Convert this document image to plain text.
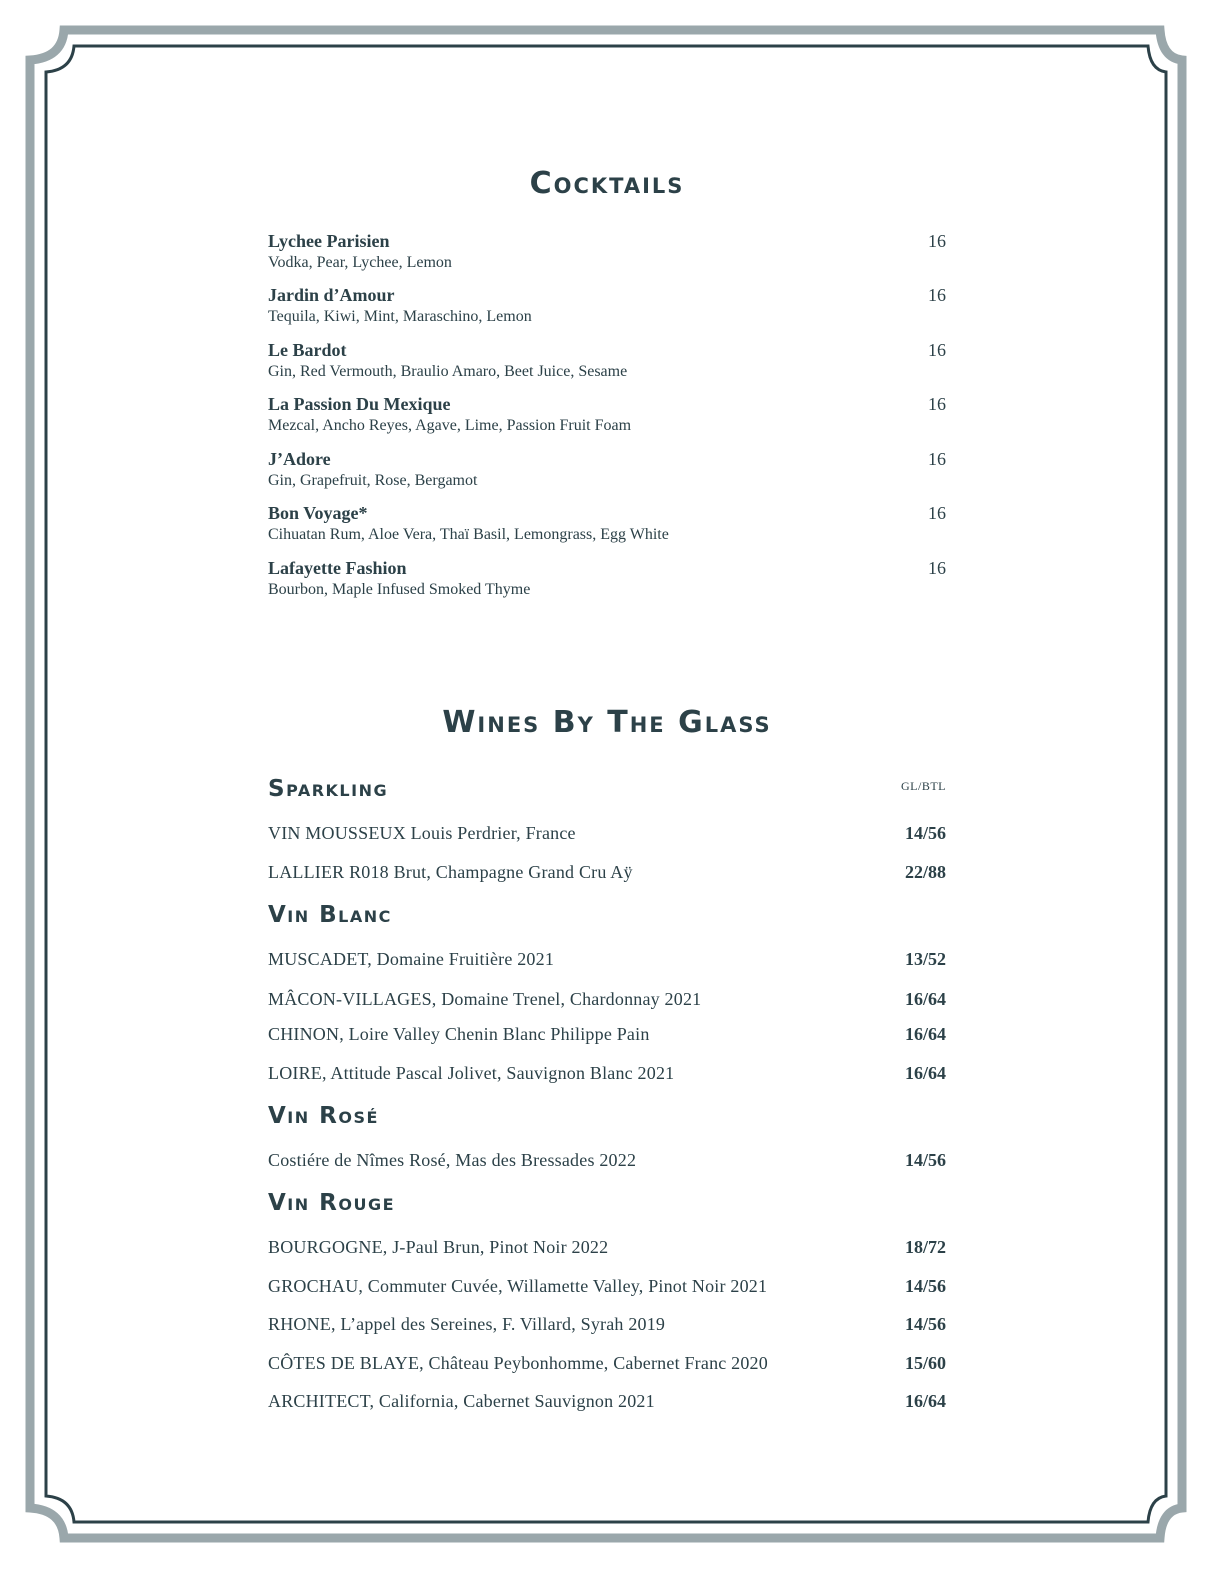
Cocktails
Lychee Parisien
Vodka, Pear, Lychee, Lemon
16
Jardin d’Amour
Tequila, Kiwi, Mint, Maraschino, Lemon
16
Le Bardot
Gin, Red Vermouth, Braulio Amaro, Beet Juice, Sesame
16
La Passion Du Mexique
Mezcal, Ancho Reyes, Agave, Lime, Passion Fruit Foam
16
J’Adore
Gin, Grapefruit, Rose, Bergamot
16
Bon Voyage*
Cihuatan Rum, Aloe Vera, Thaï Basil, Lemongrass, Egg White
16
Lafayette Fashion
Bourbon, Maple Infused Smoked Thyme
16
Wines By The Glass
Sparkling	GL/BTL
VIN MOUSSEUX Louis Perdrier, France	14/56
LALLIER R018 Brut, Champagne Grand Cru Aÿ	22/88
Vin Blanc
MUSCADET, Domaine Fruitière 2021	13/52
MÂCON-VILLAGES, Domaine Trenel, Chardonnay 2021	16/64
CHINON, Loire Valley Chenin Blanc Philippe Pain	16/64
LOIRE, Attitude Pascal Jolivet, Sauvignon Blanc 2021	16/64
Vin Rosé
Costiére de Nîmes Rosé, Mas des Bressades 2022	14/56
Vin Rouge
BOURGOGNE, J-Paul Brun, Pinot Noir 2022	18/72
GROCHAU, Commuter Cuvée, Willamette Valley, Pinot Noir 2021	14/56
RHONE, L’appel des Sereines, F. Villard, Syrah 2019	14/56
CÔTES DE BLAYE, Château Peybonhomme, Cabernet Franc 2020	15/60
ARCHITECT, California, Cabernet Sauvignon 2021	16/64
